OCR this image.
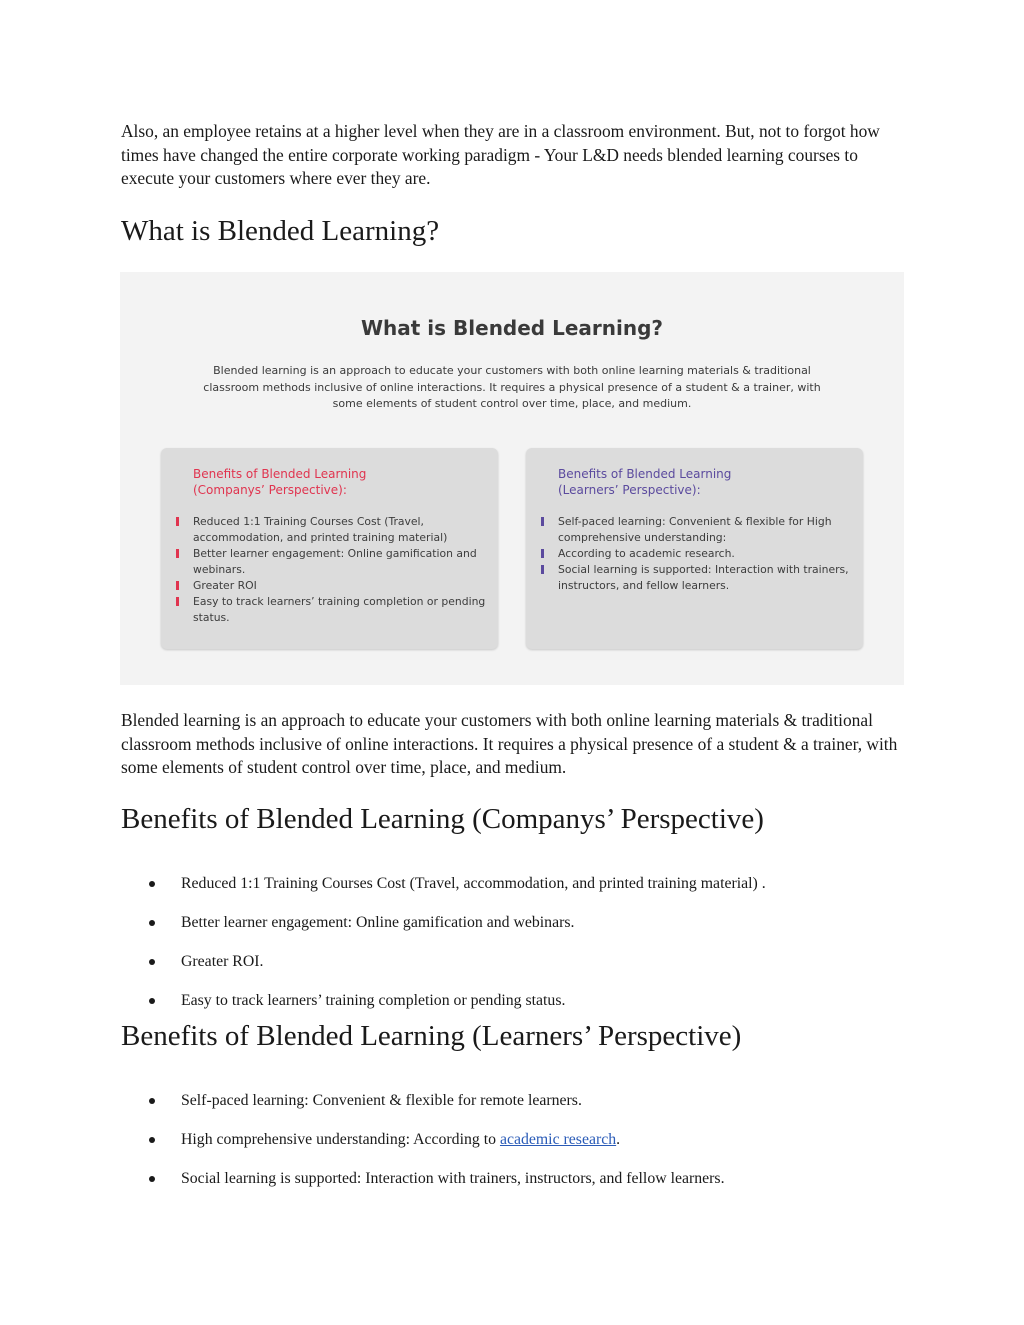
Also, an employee retains at a higher level when they are in a classroom environment. But, not to forgot how times have changed the entire corporate working paradigm - Your L&D needs blended learning courses to execute your customers where ever they are.

What is Blended Learning?
What is Blended Learning?
Blended learning is an approach to educate your customers with both online learning materials & traditional classroom methods inclusive of online interactions. It requires a physical presence of a student & a trainer, with some elements of student control over time, place, and medium.
Benefits of Blended Learning
(Companys’ Perspective):
Reduced 1:1 Training Courses Cost (Travel, accommodation, and printed training material)
Better learner engagement: Online gamification and webinars.
Greater ROI
Easy to track learners’ training completion or pending status.
Benefits of Blended Learning
(Learners’ Perspective):
Self-paced learning: Convenient & flexible for High comprehensive understanding:
According to academic research.
Social learning is supported: Interaction with trainers, instructors, and fellow learners.

Blended learning is an approach to educate your customers with both online learning materials & traditional classroom methods inclusive of online interactions. It requires a physical presence of a student & a trainer, with some elements of student control over time, place, and medium.

Benefits of Blended Learning (Companys’ Perspective)
Reduced 1:1 Training Courses Cost (Travel, accommodation, and printed training material) .
Better learner engagement: Online gamification and webinars.
Greater ROI.
Easy to track learners’ training completion or pending status.
Benefits of Blended Learning (Learners’ Perspective)
Self-paced learning: Convenient & flexible for remote learners.
High comprehensive understanding: According to academic research.
Social learning is supported: Interaction with trainers, instructors, and fellow learners.
